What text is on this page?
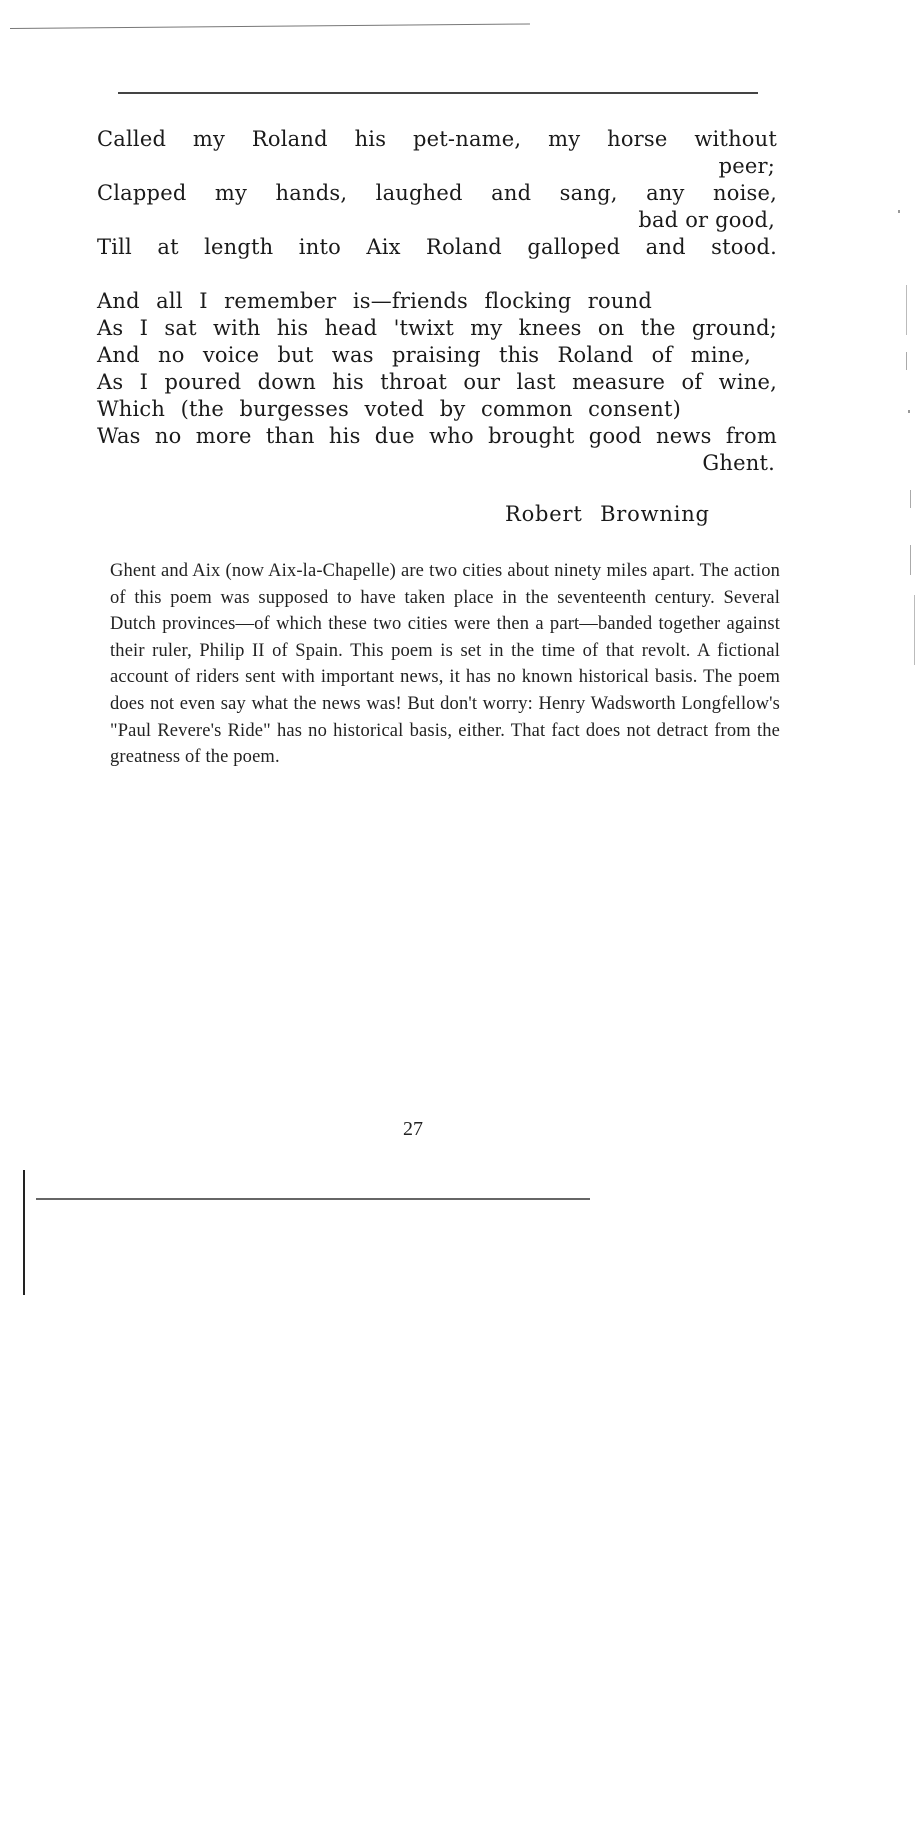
Called my Roland his pet-name, my horse without
peer;
Clapped my hands, laughed and sang, any noise,
bad or good,
Till at length into Aix Roland galloped and stood.
And all I remember is—friends flocking round
As I sat with his head 'twixt my knees on the ground;
And no voice but was praising this Roland of mine,
As I poured down his throat our last measure of wine,
Which (the burgesses voted by common consent)
Was no more than his due who brought good news from
Ghent.
Robert Browning
Ghent and Aix (now Aix-la-Chapelle) are two cities about ninety miles apart. The action of this poem was supposed to have taken place in the seventeenth century. Several Dutch provinces—of which these two cities were then a part—banded together against their ruler, Philip II of Spain. This poem is set in the time of that revolt. A fictional account of riders sent with important news, it has no known historical basis. The poem does not even say what the news was! But don't worry: Henry Wadsworth Longfellow's "Paul Revere's Ride" has no historical basis, either. That fact does not detract from the greatness of the poem.
27
